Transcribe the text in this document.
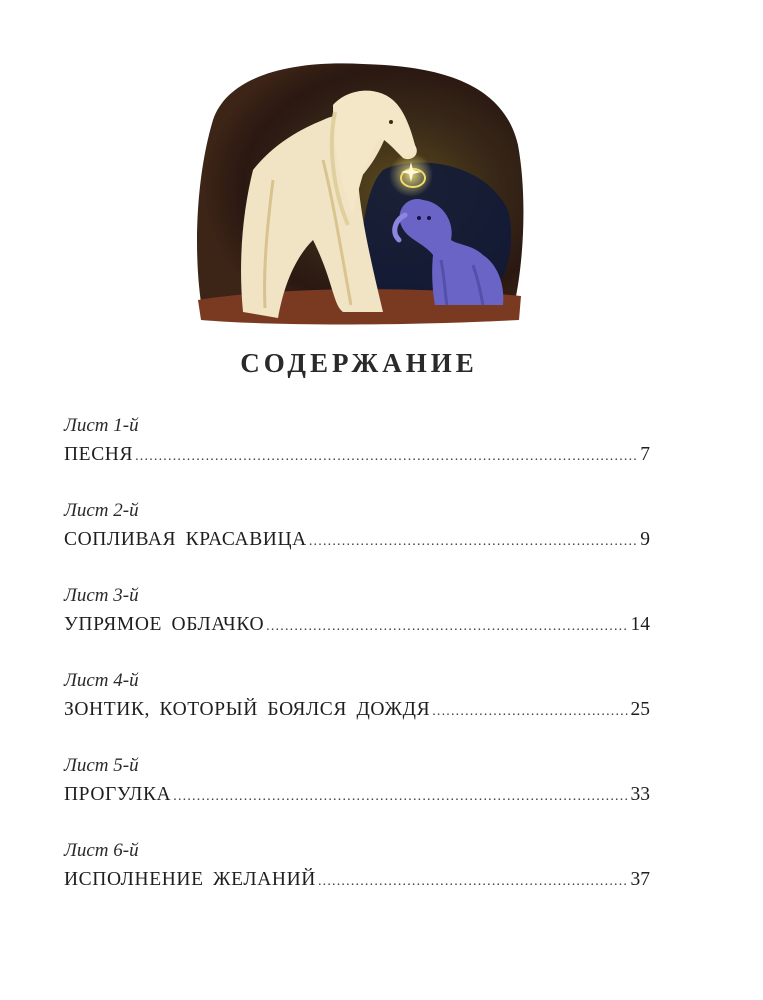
СОДЕРЖАНИЕ
Лист 1-й
ПЕСНЯ .....	7
Лист 2-й
СОПЛИВАЯ КРАСАВИЦА .....	9
Лист 3-й
УПРЯМОЕ ОБЛАЧКО .....	14
Лист 4-й
ЗОНТИК, КОТОРЫЙ БОЯЛСЯ ДОЖДЯ .....	25
Лист 5-й
ПРОГУЛКА .....	33
Лист 6-й
ИСПОЛНЕНИЕ ЖЕЛАНИЙ .....	37
